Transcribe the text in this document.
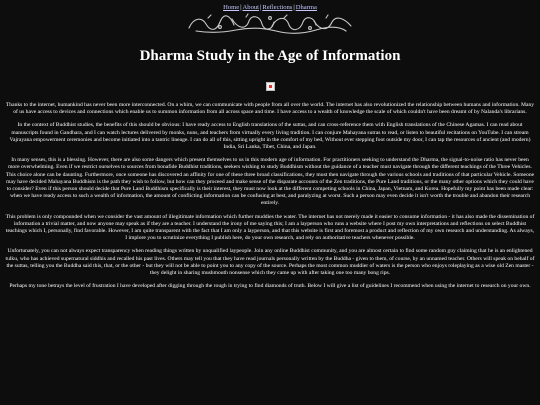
Home|About|Reflections|Dharma
Dharma Study in the Age of Information

Thanks to the internet, humankind has never been more interconnected. On a whim, we can communicate with people from all over the world. The internet has also revolutionized the relationship between humans and information. Many of us have access to devices and connections which enable us to summon information from all across space and time. I have access to a wealth of knowledge the scale of which couldn't have been dreamt of by Nalanda's librarians.

In the context of Buddhist studies, the benefits of this should be obvious: I have ready access to English translations of the suttas, and can cross-reference them with English translations of the Chinese Agamas. I can read about manuscripts found in Gandhara, and I can watch lectures delivered by monks, nuns, and teachers from virtually every living tradition. I can conjure Mahayana sutras to read, or listen to beautiful recitations on YouTube. I can stream Vajrayana empowerment ceremonies and become initiated into a tantric lineage. I can do all of this, sitting upright in the comfort of my bed, Without ever stepping foot outside my door, I can tap the resources of ancient (and modern) India, Sri Lanka, Tibet, China, and Japan.

In many senses, this is a blessing. However, there are also some dangers which present themselves to us in this modern age of information. For practitioners seeking to understand the Dharma, the signal-to-noise ratio has never been more overwhelming. Even if we restrict ourselves to sources from bonafide Buddhist traditions, seekers wishing to study Buddhism without the guidance of a teacher must navigate through the different teachings of the Three Vehicles. This choice alone can be daunting. Furthermore, once someone has discovered an affinity for one of these three broad classifications, they must then navigate through the various schools and traditions of that particular Vehicle. Someone may have decided Mahayana Buddhism is the path they wish to follow, but how can they proceed and make sense of the disparate accounts of the Zen traditions, the Pure Land traditions, or the many other options which they could have to consider? Even if this person should decide that Pure Land Buddhism specifically is their interest, they must now look at the different competing schools in China, Japan, Vietnam, and Korea. Hopefully my point has been made clear: when we have ready access to such a wealth of information, the amount of conflicting information can be confusing at best, and paralyzing at worst. Such a person may even decide it isn't worth the trouble and abandon their research entirely.

This problem is only compounded when we consider the vast amount of illegitimate information which further muddies the water. The internet has not merely made it easier to consume information - it has also made the dissemination of information a trivial matter, and now anyone may speak as if they are a teacher. I understand the irony of me saying this; I am a layperson who runs a website where I post my own interpretations and reflections on select Buddhist teachings which I, personally, find favorable. However, I am quite transparent with the fact that I am only a layperson, and that this website is first and foremost a product and reflection of my own research and understanding. As always, I implore you to scrutinize everything I publish here, do your own research, and rely on authoritative teachers whenever possible.

Unfortunately, you can not always expect transparency when reading things written by unqualified laypeople. Join any online Buddhist community, and you are almost certain to find some random guy claiming that he is an enlightened tulku, who has achieved supernatural siddhis and recalled his past lives. Others may tell you that they have read journals personally written by the Buddha - given to them, of course, by an unnamed teacher. Others will speak on behalf of the suttas, telling you the Buddha said this, that, or the other - but they will not be able to point you to any copy of the source. Perhaps the most common muddier of waters is the person who enjoys roleplaying as a wise old Zen master - they delight in sharing mushmouth nonsense which they came up with after taking one too many bong rips.

Perhaps my tone betrays the level of frustration I have developed after digging through the rough in trying to find diamonds of truth. Below I will give a list of guidelines I recommend when using the internet to research on your own.
